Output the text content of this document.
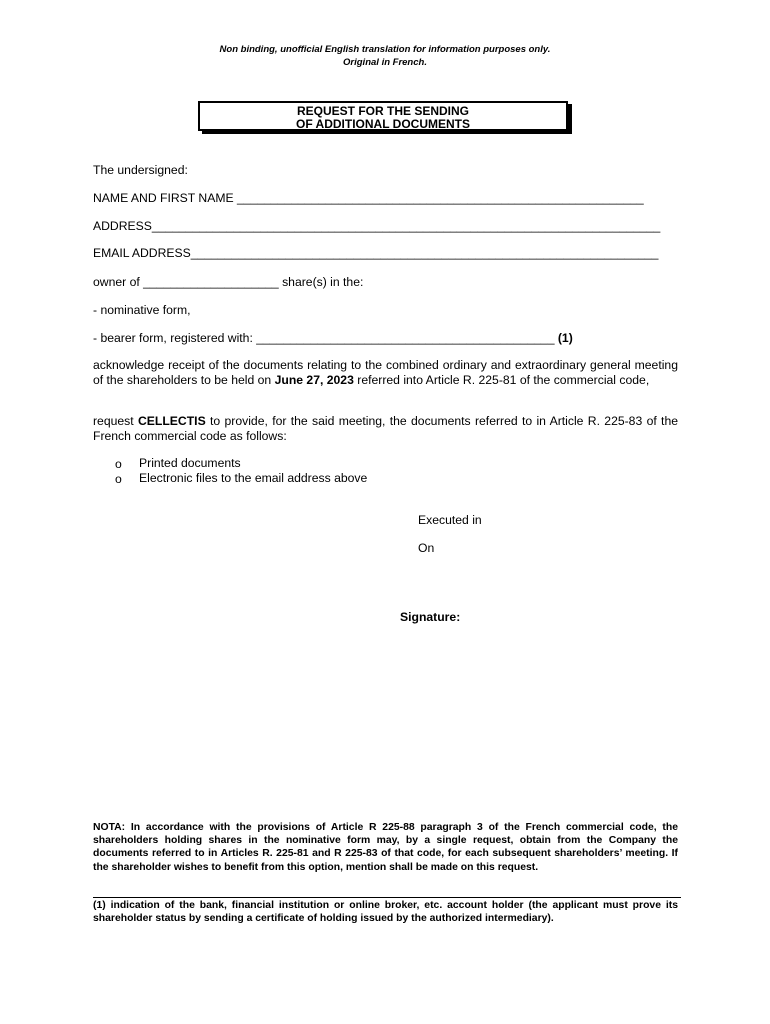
Non binding, unofficial English translation for information purposes only.
Original in French.
REQUEST FOR THE SENDING
OF ADDITIONAL DOCUMENTS
The undersigned:
NAME AND FIRST NAME ____________________________________________________________
ADDRESS___________________________________________________________________________
EMAIL ADDRESS_____________________________________________________________________
owner of ____________________ share(s) in the:
- nominative form,
- bearer form, registered with: ____________________________________________ (1)
acknowledge receipt of the documents relating to the combined ordinary and extraordinary general meeting of the shareholders to be held on June 27, 2023 referred into Article R. 225-81 of the commercial code,
request CELLECTIS to provide, for the said meeting, the documents referred to in Article R. 225-83 of the French commercial code as follows:
o Printed documents
o Electronic files to the email address above
Executed in
On
Signature:
NOTA: In accordance with the provisions of Article R 225-88 paragraph 3 of the French commercial code, the shareholders holding shares in the nominative form may, by a single request, obtain from the Company the documents referred to in Articles R. 225-81 and R 225-83 of that code, for each subsequent shareholders’ meeting. If the shareholder wishes to benefit from this option, mention shall be made on this request.
(1) indication of the bank, financial institution or online broker, etc. account holder (the applicant must prove its shareholder status by sending a certificate of holding issued by the authorized intermediary).
